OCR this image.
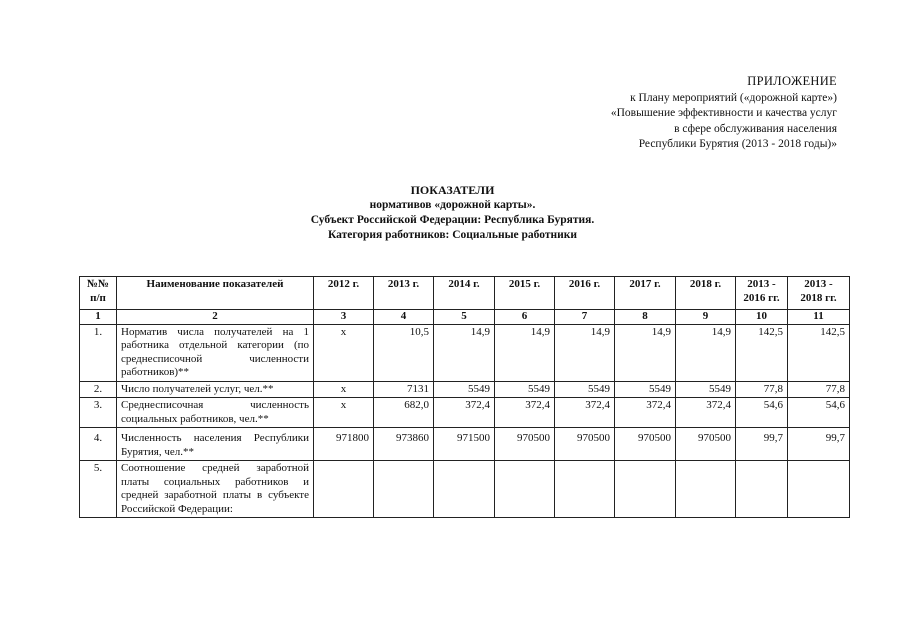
ПРИЛОЖЕНИЕ
к Плану мероприятий («дорожной карте»)
«Повышение эффективности и качества услуг
в сфере обслуживания населения
Республики Бурятия (2013 - 2018 годы)»
ПОКАЗАТЕЛИ
нормативов «дорожной карты».
Субъект Российской Федерации: Республика Бурятия.
Категория работников: Социальные работники
№№ п/п	Наименование показателей	2012 г.	2013 г.	2014 г.	2015 г.	2016 г.	2017 г.	2018 г.	2013 - 2016 гг.	2013 - 2018 гг.
1	2	3	4	5	6	7	8	9	10	11
1.	Норматив числа получателей на 1 работника отдельной категории (по среднесписочной численности работников)**	х	10,5	14,9	14,9	14,9	14,9	14,9	142,5	142,5
2.	Число получателей услуг, чел.**	х	7131	5549	5549	5549	5549	5549	77,8	77,8
3.	Среднесписочная численность социальных работников, чел.**	х	682,0	372,4	372,4	372,4	372,4	372,4	54,6	54,6
4.	Численность населения Республики Бурятия, чел.**	971800	973860	971500	970500	970500	970500	970500	99,7	99,7
5.	Соотношение средней заработной платы социальных работников и средней заработной платы в субъекте Российской Федерации:									
